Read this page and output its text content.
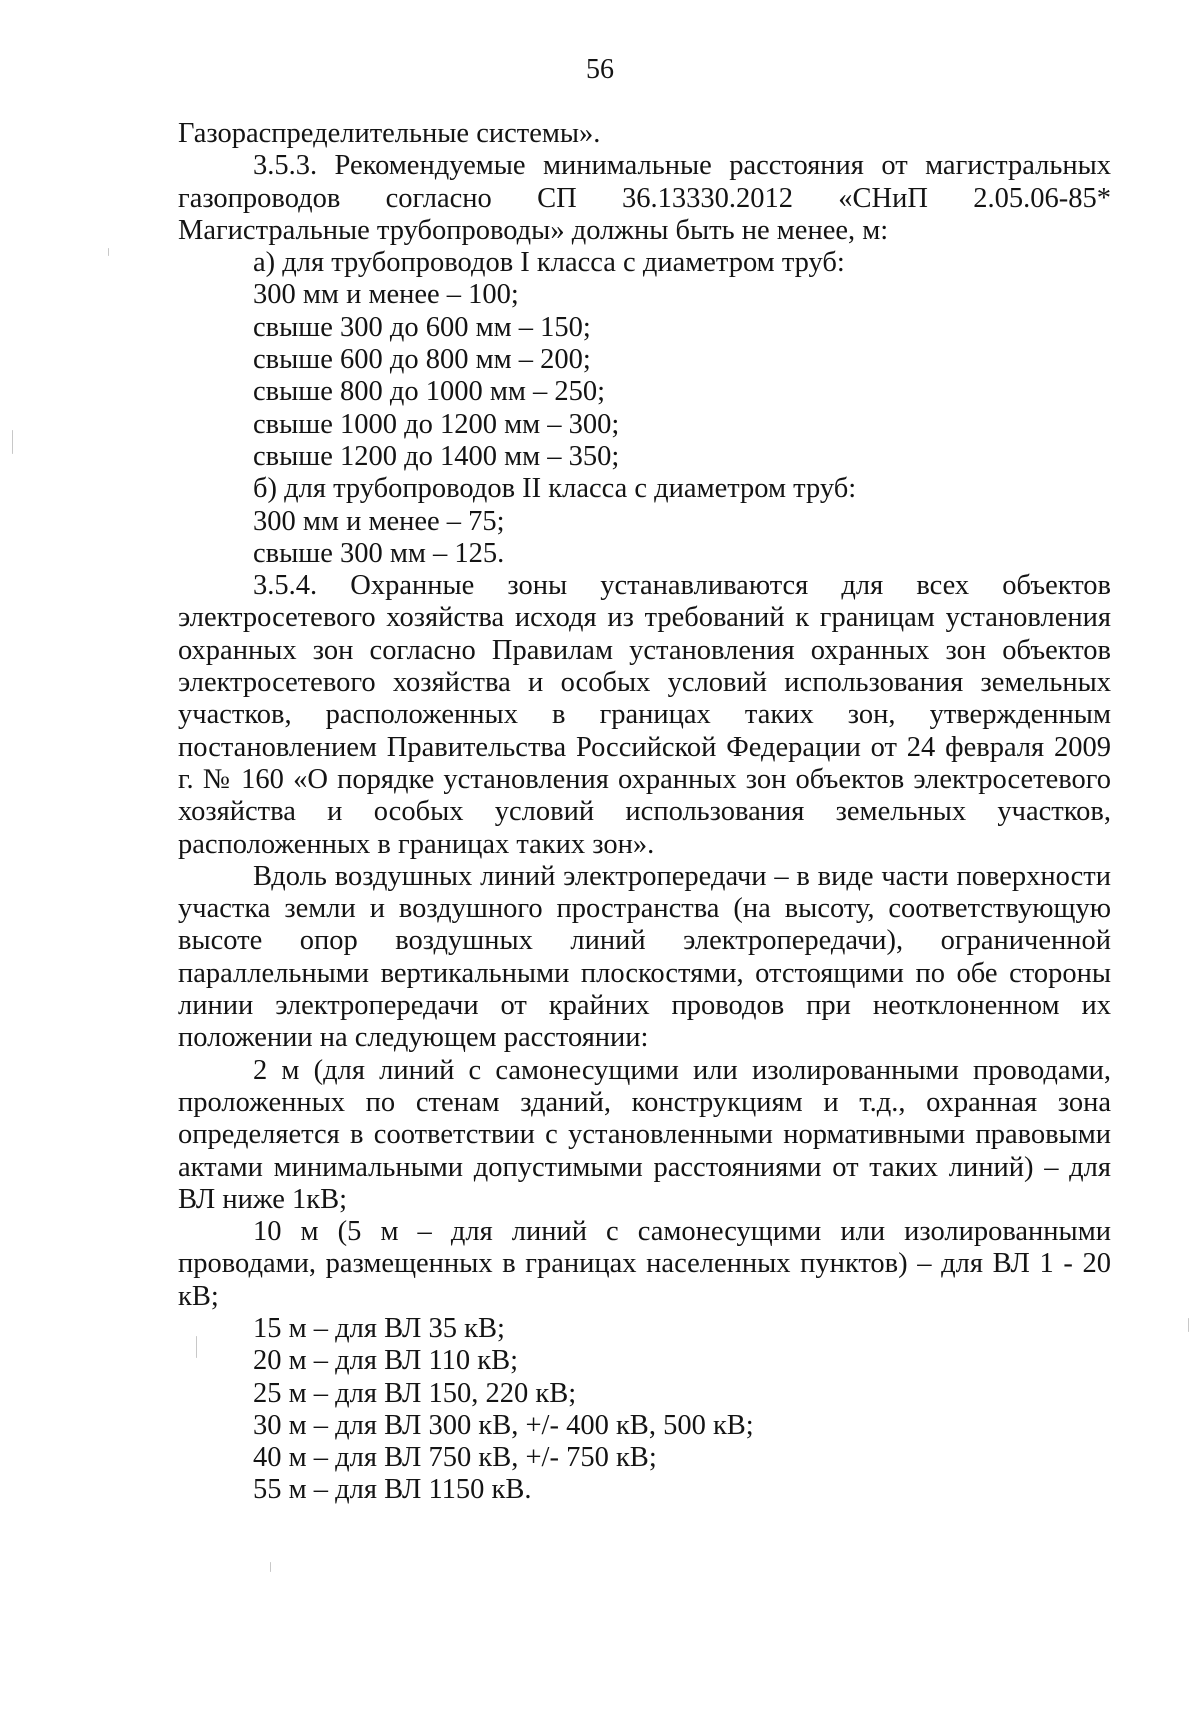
56

Газораспределительные системы».

3.5.3. Рекомендуемые минимальные расстояния от магистральных газопроводов согласно СП 36.13330.2012 «СНиП 2.05.06-85* Магистральные трубопроводы» должны быть не менее, м:

а) для трубопроводов I класса с диаметром труб:

300 мм и менее – 100;

свыше 300 до 600 мм – 150;

свыше 600 до 800 мм – 200;

свыше 800 до 1000 мм – 250;

свыше 1000 до 1200 мм – 300;

свыше 1200 до 1400 мм – 350;

б) для трубопроводов II класса с диаметром труб:

300 мм и менее – 75;

свыше 300 мм – 125.

3.5.4. Охранные зоны устанавливаются для всех объектов электросетевого хозяйства исходя из требований к границам установления охранных зон согласно Правилам установления охранных зон объектов электросетевого хозяйства и особых условий использования земельных участков, расположенных в границах таких зон, утвержденным постановлением Правительства Российской Федерации от 24 февраля 2009 г. № 160 «О порядке установления охранных зон объектов электросетевого хозяйства и особых условий использования земельных участков, расположенных в границах таких зон».

Вдоль воздушных линий электропередачи – в виде части поверхности участка земли и воздушного пространства (на высоту, соответствующую высоте опор воздушных линий электропередачи), ограниченной параллельными вертикальными плоскостями, отстоящими по обе стороны линии электропередачи от крайних проводов при неотклоненном их положении на следующем расстоянии:

2 м (для линий с самонесущими или изолированными проводами, проложенных по стенам зданий, конструкциям и т.д., охранная зона определяется в соответствии с установленными нормативными правовыми актами минимальными допустимыми расстояниями от таких линий) – для ВЛ ниже 1кВ;

10 м (5 м – для линий с самонесущими или изолированными проводами, размещенных в границах населенных пунктов) – для ВЛ 1 - 20 кВ;

15 м – для ВЛ 35 кВ;

20 м – для ВЛ 110 кВ;

25 м – для ВЛ 150, 220 кВ;

30 м – для ВЛ 300 кВ, +/- 400 кВ, 500 кВ;

40 м – для ВЛ 750 кВ, +/- 750 кВ;

55 м – для ВЛ 1150 кВ.
